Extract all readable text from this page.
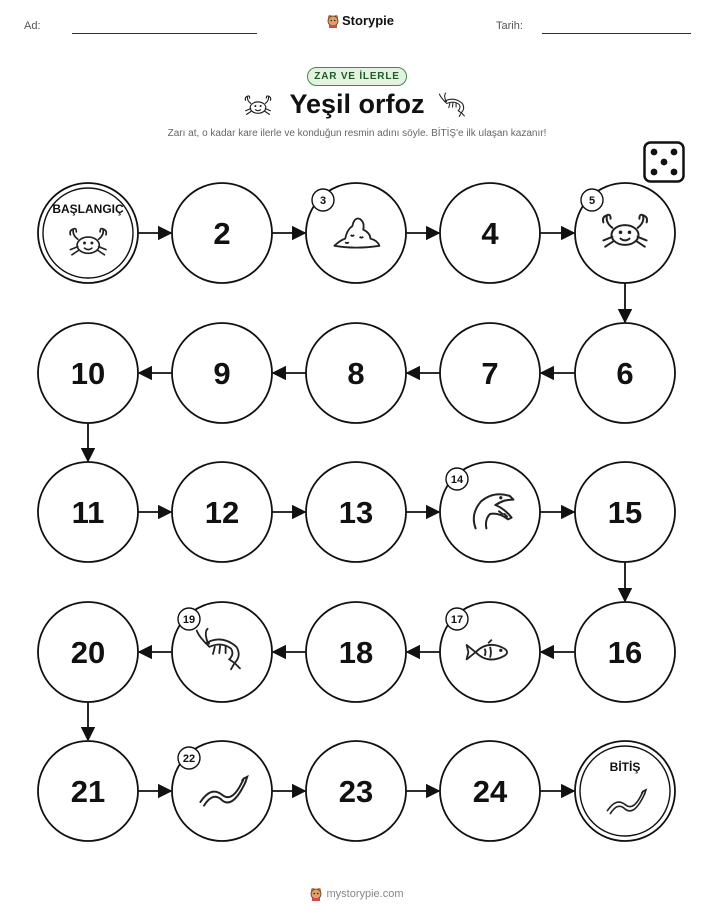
Ad:	Storypie	Tarih:
ZAR VE İLERLE
Yeşil orfoz
Zarı at, o kadar kare ilerle ve konduğun resmin adını söyle. BİTİŞ'e ilk ulaşan kazanır!
BAŞLANGIÇ
2
3
4
5
6
7
8
9
10
11	12	13
14
15
16
17
18
19
20
21
22
23	24
BİTİŞ
mystorypie.com
